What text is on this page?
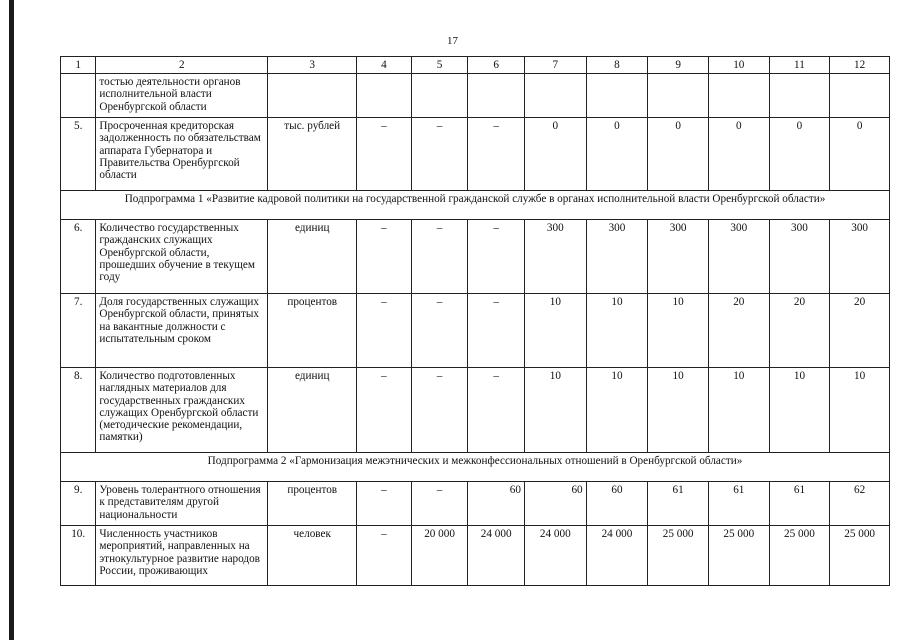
17
1	2	3	4	5	6	7	8	9	10	11	12
	тостью деятельности органов исполнительной власти Оренбургской области										
5.	Просроченная кредиторская задолженность по обязательствам аппарата Губернатора и Правительства Оренбургской области	тыс. рублей	–	–	–	0	0	0	0	0	0
Подпрограмма 1 «Развитие кадровой политики на государственной гражданской службе в органах исполнительной власти Оренбургской области»											
6.	Количество государственных гражданских служащих Оренбургской области, прошедших обучение в текущем году	единиц	–	–	–	300	300	300	300	300	300
7.	Доля государственных служащих Оренбургской области, принятых на вакантные должности с испытательным сроком	процентов	–	–	–	10	10	10	20	20	20
8.	Количество подготовленных наглядных материалов для государственных гражданских служащих Оренбургской области (методические рекомендации, памятки)	единиц	–	–	–	10	10	10	10	10	10
Подпрограмма 2 «Гармонизация межэтнических и межконфессиональных отношений в Оренбургской области»											
9.	Уровень толерантного отношения к представителям другой национальности	процентов	–	–	60	60	60	61	61	61	62
10.	Численность участников мероприятий, направленных на этнокультурное развитие народов России, проживающих	человек	–	20 000	24 000	24 000	24 000	25 000	25 000	25 000	25 000
